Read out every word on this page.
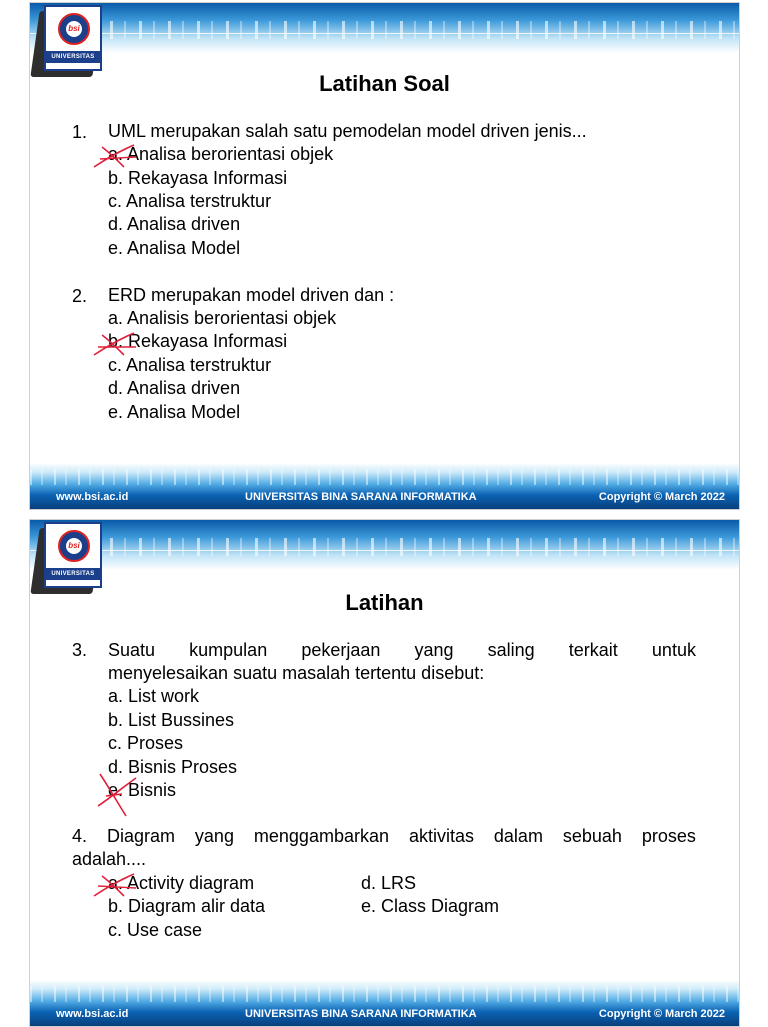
bsi
UNIVERSITAS
Latihan Soal
1. UML merupakan salah satu pemodelan model driven jenis...
a. Analisa berorientasi objek
b. Rekayasa Informasi
c. Analisa terstruktur
d. Analisa driven
e. Analisa Model
2. ERD merupakan model driven dan :
a. Analisis berorientasi objek
b. Rekayasa Informasi
c. Analisa terstruktur
d. Analisa driven
e. Analisa Model
www.bsi.ac.id	UNIVERSITAS BINA SARANA INFORMATIKA	Copyright © March 2022
bsi
UNIVERSITAS
Latihan
3. Suatu kumpulan pekerjaan yang saling terkait untuk
menyelesaikan suatu masalah tertentu disebut:
a. List work
b. List Bussines
c. Proses
d. Bisnis Proses
e. Bisnis
4. Diagram yang menggambarkan aktivitas dalam sebuah proses
adalah....
a. Activity diagram
b. Diagram alir data
c. Use case
d. LRS
e. Class Diagram
www.bsi.ac.id	UNIVERSITAS BINA SARANA INFORMATIKA	Copyright © March 2022
